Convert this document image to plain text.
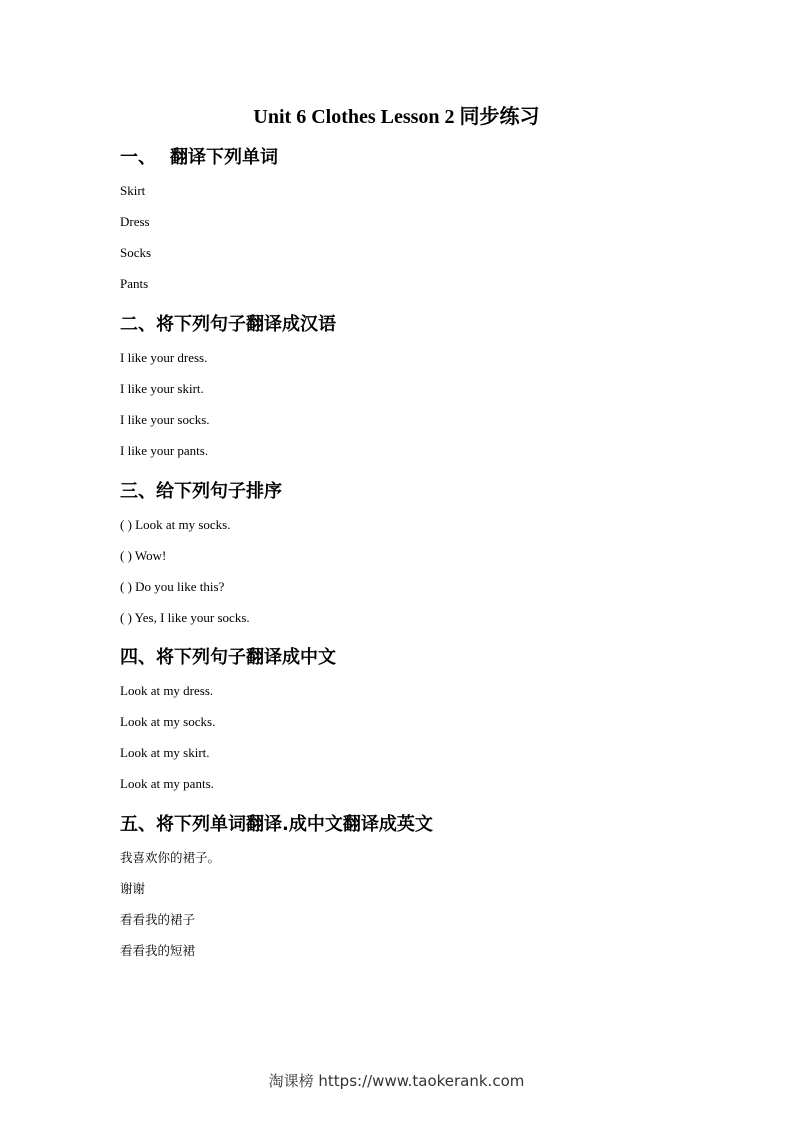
Unit 6 Clothes Lesson 2 同步练习
一、 翻译下列单词

Skirt

Dress

Socks

Pants

二、将下列句子翻译成汉语

I like your dress.

I like your skirt.

I like your socks.

I like your pants.

三、给下列句子排序

( ) Look at my socks.

( ) Wow!

( ) Do you like this?

( ) Yes, I like your socks.

四、将下列句子翻译成中文

Look at my dress.

Look at my socks.

Look at my skirt.

Look at my pants.

五、将下列单词翻译.成中文翻译成英文

我喜欢你的裙子。

谢谢

看看我的裙子

看看我的短裙

淘课榜 https://www.taokerank.com
